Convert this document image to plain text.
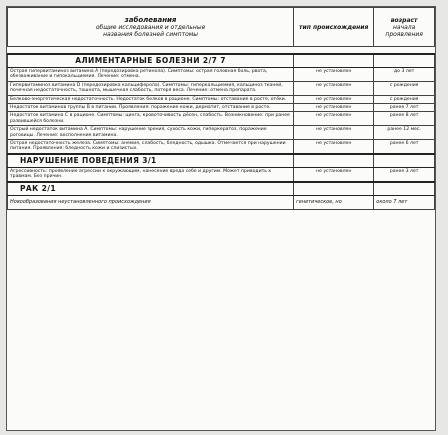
заболевания
общие исследования и отдельные
названия болезней симптомы	тип происхождения	возраст
начала
проявления

АЛИМЕНТАРНЫЕ БОЛЕЗНИ 2/7 7		
Острая гипервитаминоз витамина А (передозировка ретинола). Симптомы: острая головная боль, рвота, обезвоживание и гипокальциемия. Лечение: отмена.	не установлен	до 3 лет
Гипервитаминоз витамина D (передозировка кальциферола). Симптомы: гиперкальциемия, кальциноз тканей, почечная недостаточность, тошнота, мышечная слабость, потеря веса. Лечение: отмена препарата.	не установлен	с рождения
Белково-энергетическая недостаточность. Недостаток белков в рационе. Симптомы: отставание в росте, отёки.	не установлен	с рождения
Недостаток витаминов группы В в питании. Проявления: поражение кожи, дерматит, отставание в росте.	не установлен	ранее 7 лет
Недостаток витамина С в рационе. Симптомы: цинга, кровоточивость дёсен, слабость. Возникновение: при ранее развившейся болезни.	не установлен	ранее 8 лет
Острый недостаток витамина А. Симптомы: нарушение зрения, сухость кожи, гиперкератоз, поражение роговицы. Лечение: восполнение витамина.	не установлен	ранее 12 мес.
Острая недостаточность железа. Симптомы: анемия, слабость, бледность, одышка. Отмечается при нарушении питания. Проявления: бледность кожи и слизистых.	не установлен	ранее 6 лет
НАРУШЕНИЕ ПОВЕДЕНИЯ 3/1		
Агрессивность: проявление агрессии к окружающим, нанесение вреда себе и другим. Может приводить к травмам. Без причин.	не установлен	ранее 3 лет
РАК 2/1		
Новообразования неустановленного происхождения	генетическое, но	около 7 лет
